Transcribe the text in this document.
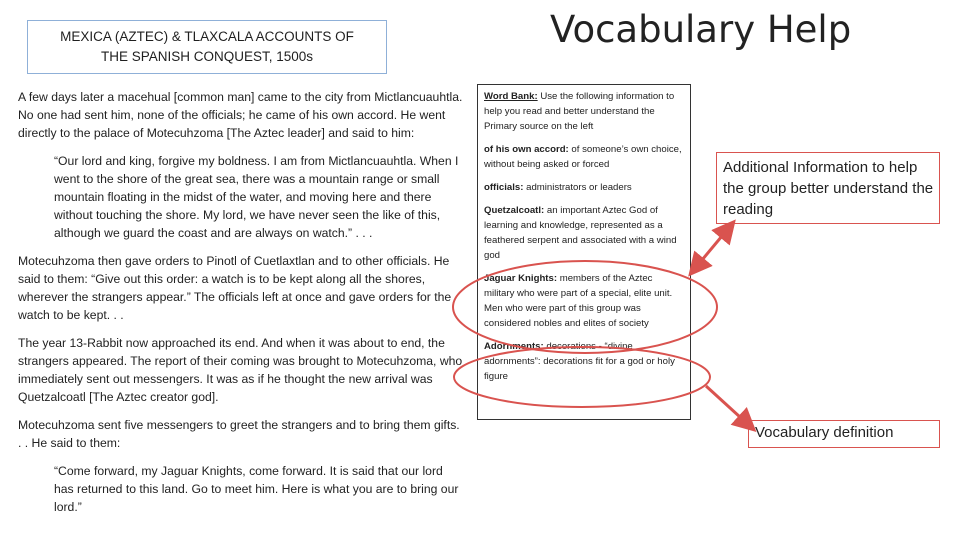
MEXICA (AZTEC) & TLAXCALA ACCOUNTS OF
THE SPANISH CONQUEST, 1500s
Vocabulary Help

A few days later a macehual [common man] came to the city from Mictlancuauhtla. No one had sent him, none of the officials; he came of his own accord. He went directly to the palace of Motecuhzoma [The Aztec leader] and said to him:

“Our lord and king, forgive my boldness. I am from Mictlancuauhtla. When I went to the shore of the great sea, there was a mountain range or small mountain floating in the midst of the water, and moving here and there without touching the shore. My lord, we have never seen the like of this, although we guard the coast and are always on watch.” . . .

Motecuhzoma then gave orders to Pinotl of Cuetlaxtlan and to other officials. He said to them: “Give out this order: a watch is to be kept along all the shores, wherever the strangers appear.” The officials left at once and gave orders for the watch to be kept. . .

The year 13-Rabbit now approached its end. And when it was about to end, the strangers appeared. The report of their coming was brought to Motecuhzoma, who immediately sent out messengers. It was as if he thought the new arrival was Quetzalcoatl [The Aztec creator god].

Motecuhzoma sent five messengers to greet the strangers and to bring them gifts. . . He said to them:

“Come forward, my Jaguar Knights, come forward. It is said that our lord has returned to this land. Go to meet him. Here is what you are to bring our lord.”

Word Bank: Use the following information to help you read and better understand the Primary source on the left

of his own accord: of someone’s own choice, without being asked or forced

officials: administrators or leaders

Quetzalcoatl: an important Aztec God of learning and knowledge, represented as a feathered serpent and associated with a wind god

Jaguar Knights: members of the Aztec military who were part of a special, elite unit. Men who were part of this group was considered nobles and elites of society

Adornments: decorations - “divine adornments”: decorations fit for a god or holy figure

Additional Information to help the group better understand the reading
Vocabulary definition
